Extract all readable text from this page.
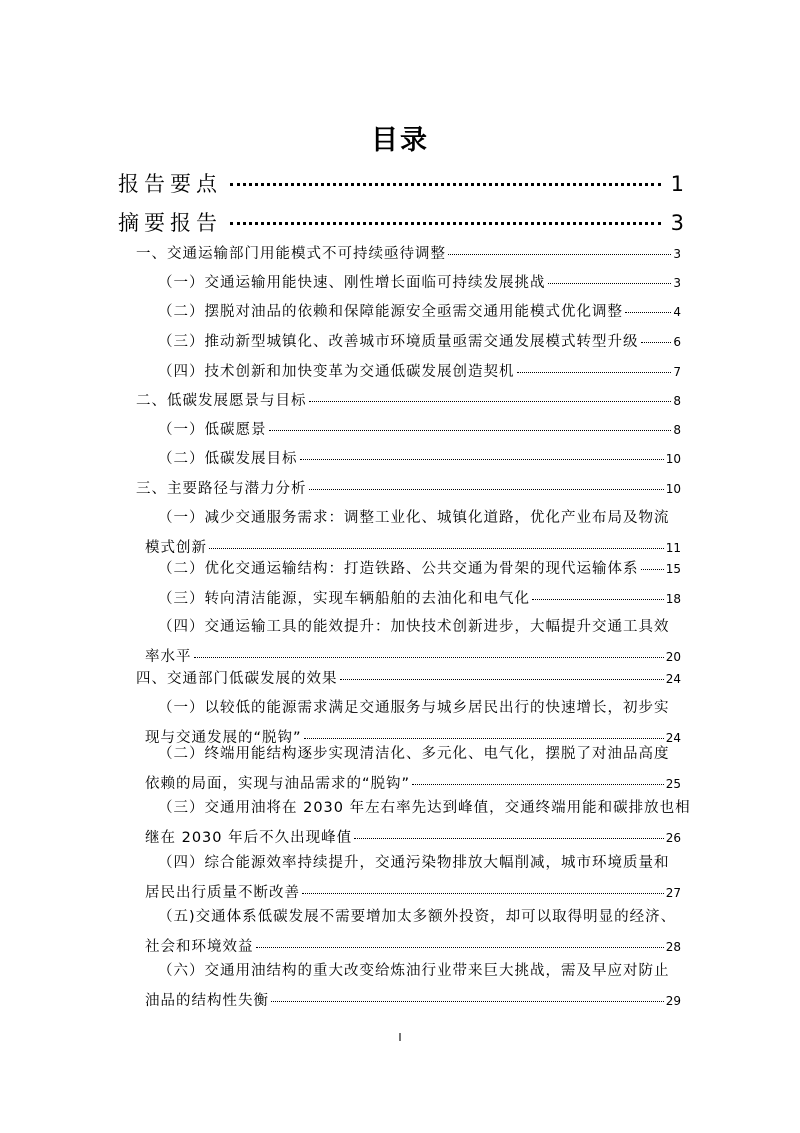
目录
报告要点	1
摘要报告	3
一、交通运输部门用能模式不可持续亟待调整	3
（一）交通运输用能快速、刚性增长面临可持续发展挑战	3
（二）摆脱对油品的依赖和保障能源安全亟需交通用能模式优化调整	4
（三）推动新型城镇化、改善城市环境质量亟需交通发展模式转型升级	6
（四）技术创新和加快变革为交通低碳发展创造契机	7
二、低碳发展愿景与目标	8
（一）低碳愿景	8
（二）低碳发展目标	10
三、主要路径与潜力分析	10
（一）减少交通服务需求：调整工业化、城镇化道路，优化产业布局及物流
模式创新	11
（二）优化交通运输结构：打造铁路、公共交通为骨架的现代运输体系 15
（三）转向清洁能源，实现车辆船舶的去油化和电气化	18
（四）交通运输工具的能效提升：加快技术创新进步，大幅提升交通工具效
率水平	20
四、交通部门低碳发展的效果	24
（一）以较低的能源需求满足交通服务与城乡居民出行的快速增长，初步实
现与交通发展的“脱钩”	24
（二）终端用能结构逐步实现清洁化、多元化、电气化，摆脱了对油品高度
依赖的局面，实现与油品需求的“脱钩”	25
（三）交通用油将在 2030 年左右率先达到峰值，交通终端用能和碳排放也相
继在 2030 年后不久出现峰值	26
（四）综合能源效率持续提升，交通污染物排放大幅削减，城市环境质量和
居民出行质量不断改善	27
（五)交通体系低碳发展不需要增加太多额外投资，却可以取得明显的经济、
社会和环境效益	28
（六）交通用油结构的重大改变给炼油行业带来巨大挑战，需及早应对防止
油品的结构性失衡	29
I
